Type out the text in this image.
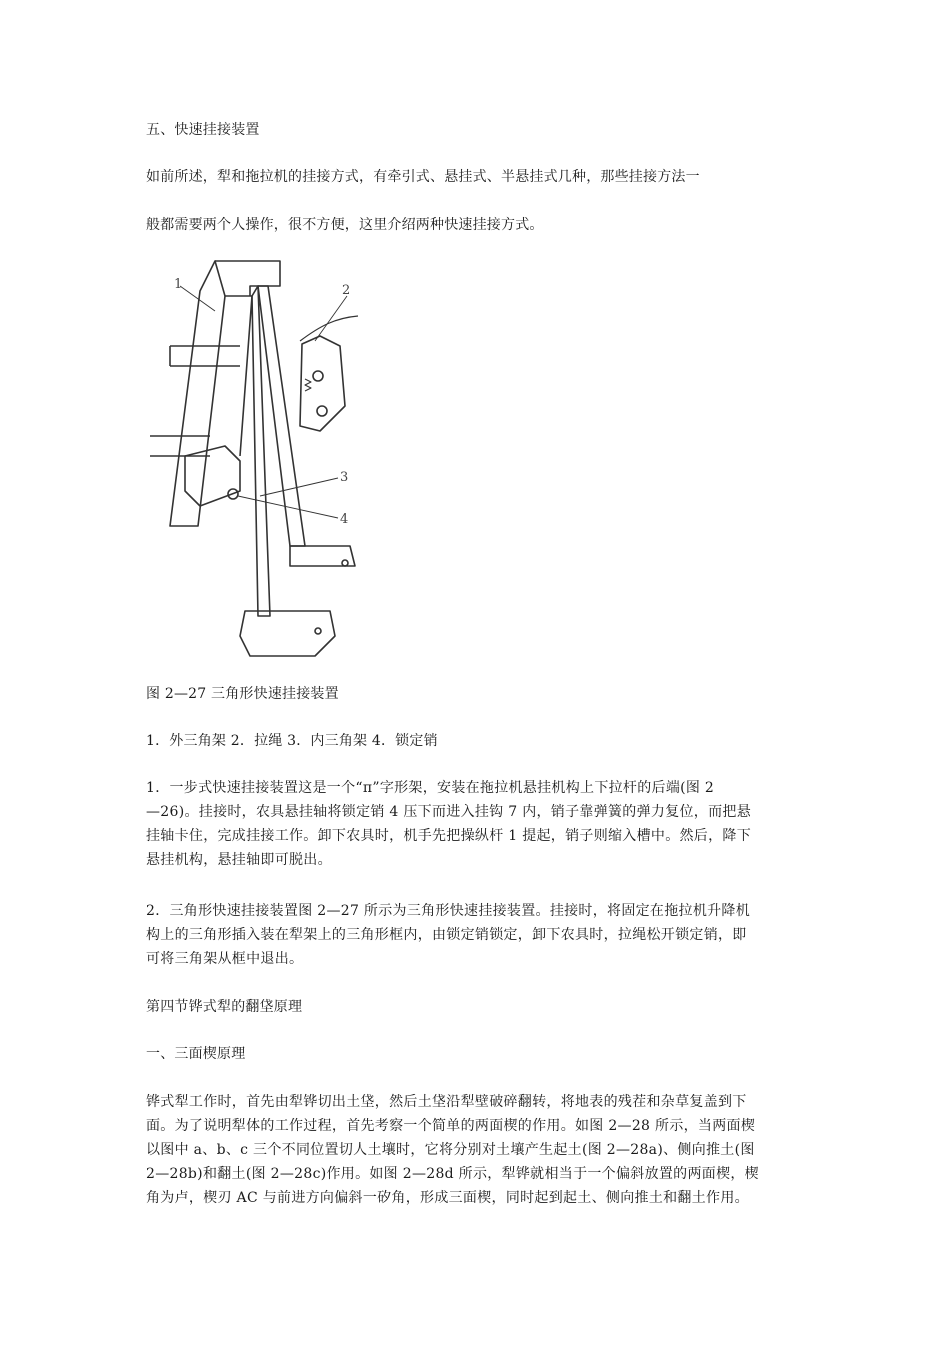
五、快速挂接装置
如前所述，犁和拖拉机的挂接方式，有牵引式、悬挂式、半悬挂式几种，那些挂接方法一
般都需要两个人操作，很不方便，这里介绍两种快速挂接方式。
1	2
3
4
图 2—27 三角形快速挂接装置
1．外三角架 2．拉绳 3．内三角架 4．锁定销
1．一步式快速挂接装置这是一个“π”字形架，安装在拖拉机悬挂机构上下拉杆的后端(图 2
—26)。挂接时，农具悬挂轴将锁定销 4 压下而进入挂钩 7 内，销子靠弹簧的弹力复位，而把悬
挂轴卡住，完成挂接工作。卸下农具时，机手先把操纵杆 1 提起，销子则缩入槽中。然后，降下
悬挂机构，悬挂轴即可脱出。
2．三角形快速挂接装置图 2—27 所示为三角形快速挂接装置。挂接时，将固定在拖拉机升降机
构上的三角形插入装在犁架上的三角形框内，由锁定销锁定，卸下农具时，拉绳松开锁定销，即
可将三角架从框中退出。
第四节铧式犁的翻垡原理
一、三面楔原理
铧式犁工作时，首先由犁铧切出土垡，然后土垡沿犁壁破碎翻转，将地表的残茬和杂草复盖到下
面。为了说明犁体的工作过程，首先考察一个简单的两面楔的作用。如图 2—28 所示，当两面楔
以图中 a、b、c 三个不同位置切人土壤时，它将分别对土壤产生起土(图 2—28a)、侧向推土(图
2—28b)和翻土(图 2—28c)作用。如图 2—28d 所示，犁铧就相当于一个偏斜放置的两面楔，楔
角为卢，楔刃 AC 与前进方向偏斜一矽角，形成三面楔，同时起到起土、侧向推土和翻土作用。
